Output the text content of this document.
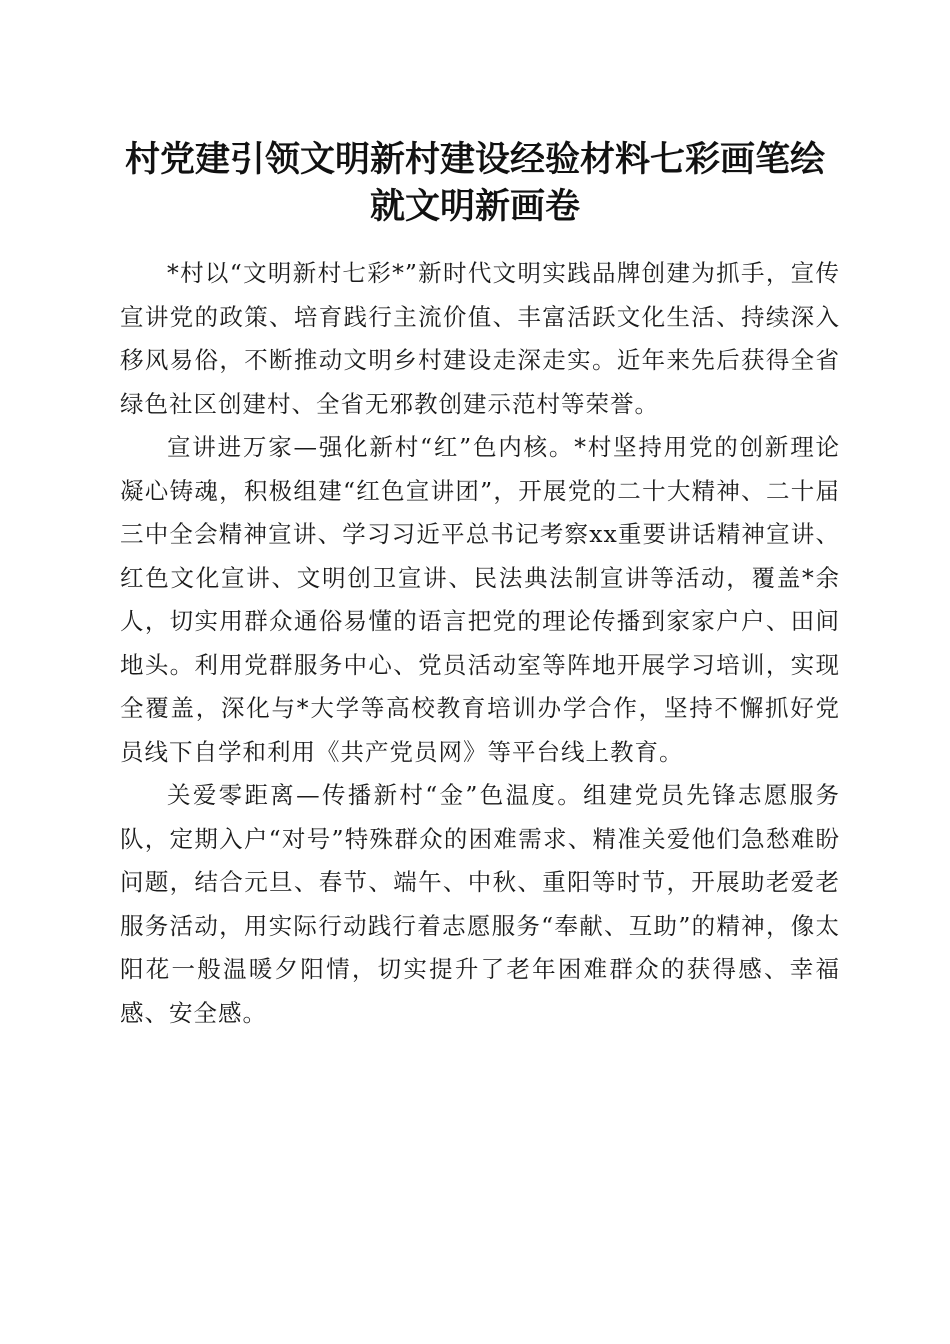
村党建引领文明新村建设经验材料七彩画笔绘
就文明新画卷

*村以“文明新村七彩*”新时代文明实践品牌创建为抓手，宣传宣讲党的政策、培育践行主流价值、丰富活跃文化生活、持续深入移风易俗，不断推动文明乡村建设走深走实。近年来先后获得全省绿色社区创建村、全省无邪教创建示范村等荣誉。

宣讲进万家—强化新村“红”色内核。*村坚持用党的创新理论凝心铸魂，积极组建“红色宣讲团”，开展党的二十大精神、二十届三中全会精神宣讲、学习习近平总书记考察xx重要讲话精神宣讲、红色文化宣讲、文明创卫宣讲、民法典法制宣讲等活动，覆盖*余人，切实用群众通俗易懂的语言把党的理论传播到家家户户、田间地头。利用党群服务中心、党员活动室等阵地开展学习培训，实现全覆盖，深化与*大学等高校教育培训办学合作，坚持不懈抓好党员线下自学和利用《共产党员网》等平台线上教育。

关爱零距离—传播新村“金”色温度。组建党员先锋志愿服务队，定期入户“对号”特殊群众的困难需求、精准关爱他们急愁难盼问题，结合元旦、春节、端午、中秋、重阳等时节，开展助老爱老服务活动，用实际行动践行着志愿服务“奉献、互助”的精神，像太阳花一般温暖夕阳情，切实提升了老年困难群众的获得感、幸福感、安全感。
